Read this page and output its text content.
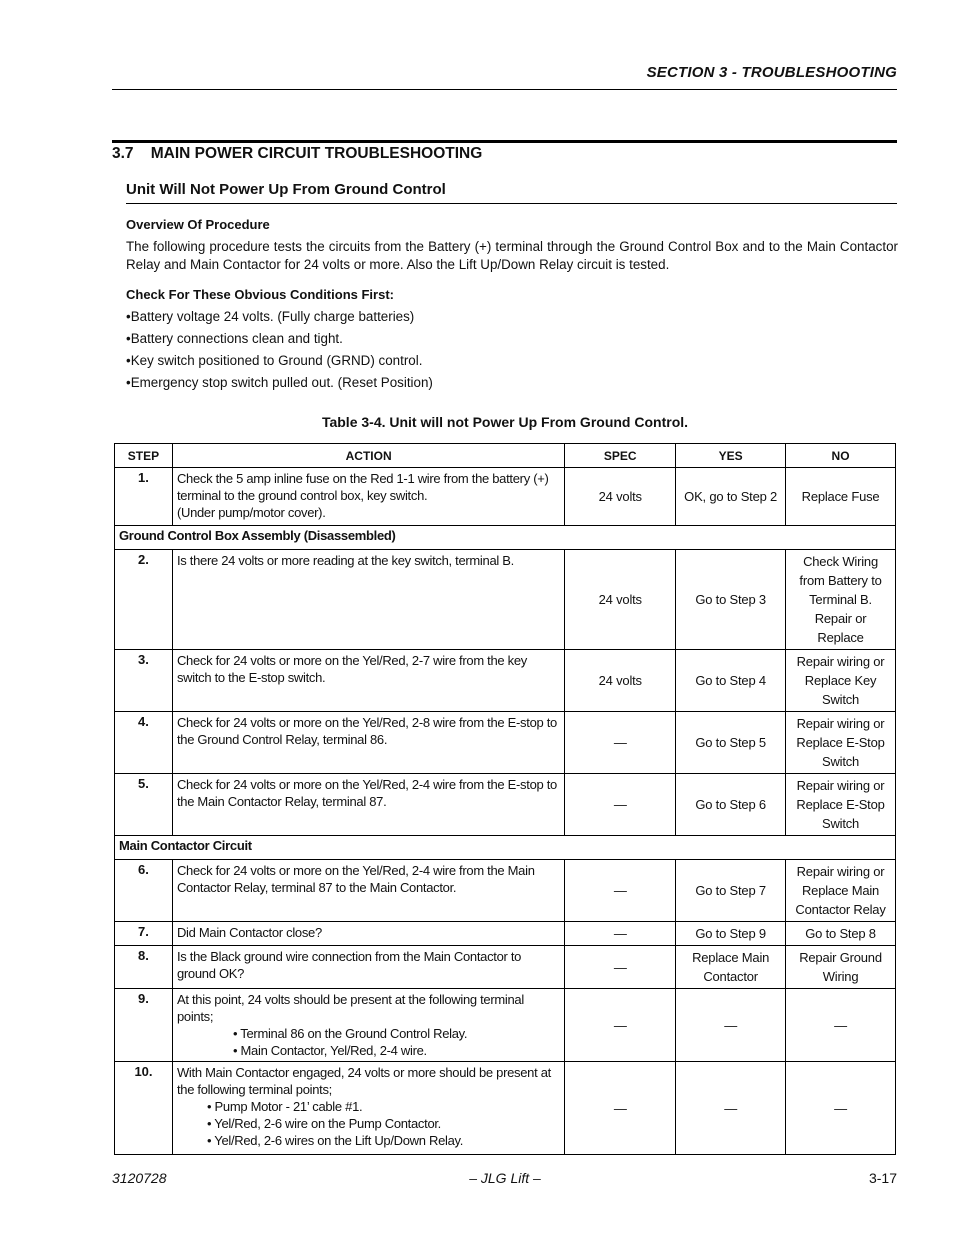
SECTION 3 - TROUBLESHOOTING
3.7    MAIN POWER CIRCUIT TROUBLESHOOTING
Unit Will Not Power Up From Ground Control
Overview Of Procedure
The following procedure tests the circuits from the Battery (+) terminal through the Ground Control Box and to the Main Contactor Relay and Main Contactor for 24 volts or more. Also the Lift Up/Down Relay circuit is tested.
Check For These Obvious Conditions First:
• Battery voltage 24 volts. (Fully charge batteries)
• Battery connections clean and tight.
• Key switch positioned to Ground (GRND) control.
• Emergency stop switch pulled out. (Reset Position)
Table 3-4. Unit will not Power Up From Ground Control.
STEP	ACTION	SPEC	YES	NO
1.	Check the 5 amp inline fuse on the Red 1-1 wire from the battery (+) terminal to the ground control box, key switch.
(Under pump/motor cover).	24 volts	OK, go to Step 2	Replace Fuse
Ground Control Box Assembly (Disassembled)				
2.	Is there 24 volts or more reading at the key switch, terminal B.	24 volts	Go to Step 3	Check Wiring from Battery to Terminal B. Repair or Replace
3.	Check for 24 volts or more on the Yel/Red, 2-7 wire from the key switch to the E-stop switch.	24 volts	Go to Step 4	Repair wiring or Replace Key Switch
4.	Check for 24 volts or more on the Yel/Red, 2-8 wire from the E-stop to the Ground Control Relay, terminal 86.	—	Go to Step 5	Repair wiring or Replace E-Stop Switch
5.	Check for 24 volts or more on the Yel/Red, 2-4 wire from the E-stop to the Main Contactor Relay, terminal 87.	—	Go to Step 6	Repair wiring or Replace E-Stop Switch
Main Contactor Circuit				
6.	Check for 24 volts or more on the Yel/Red, 2-4 wire from the Main Contactor Relay, terminal 87 to the Main Contactor.	—	Go to Step 7	Repair wiring or Replace Main Contactor Relay
7.	Did Main Contactor close?	—	Go to Step 9	Go to Step 8
8.	Is the Black ground wire connection from the Main Contactor to ground OK?	—	Replace Main Contactor	Repair Ground Wiring
9.	At this point, 24 volts should be present at the following terminal points;
• Terminal 86 on the Ground Control Relay.
• Main Contactor, Yel/Red, 2-4 wire.	—	—	—
10.	With Main Contactor engaged, 24 volts or more should be present at the following terminal points;
• Pump Motor - 21’ cable #1.
• Yel/Red, 2-6 wire on the Pump Contactor.
• Yel/Red, 2-6 wires on the Lift Up/Down Relay.	—	—	—
3120728	– JLG Lift –	3-17
